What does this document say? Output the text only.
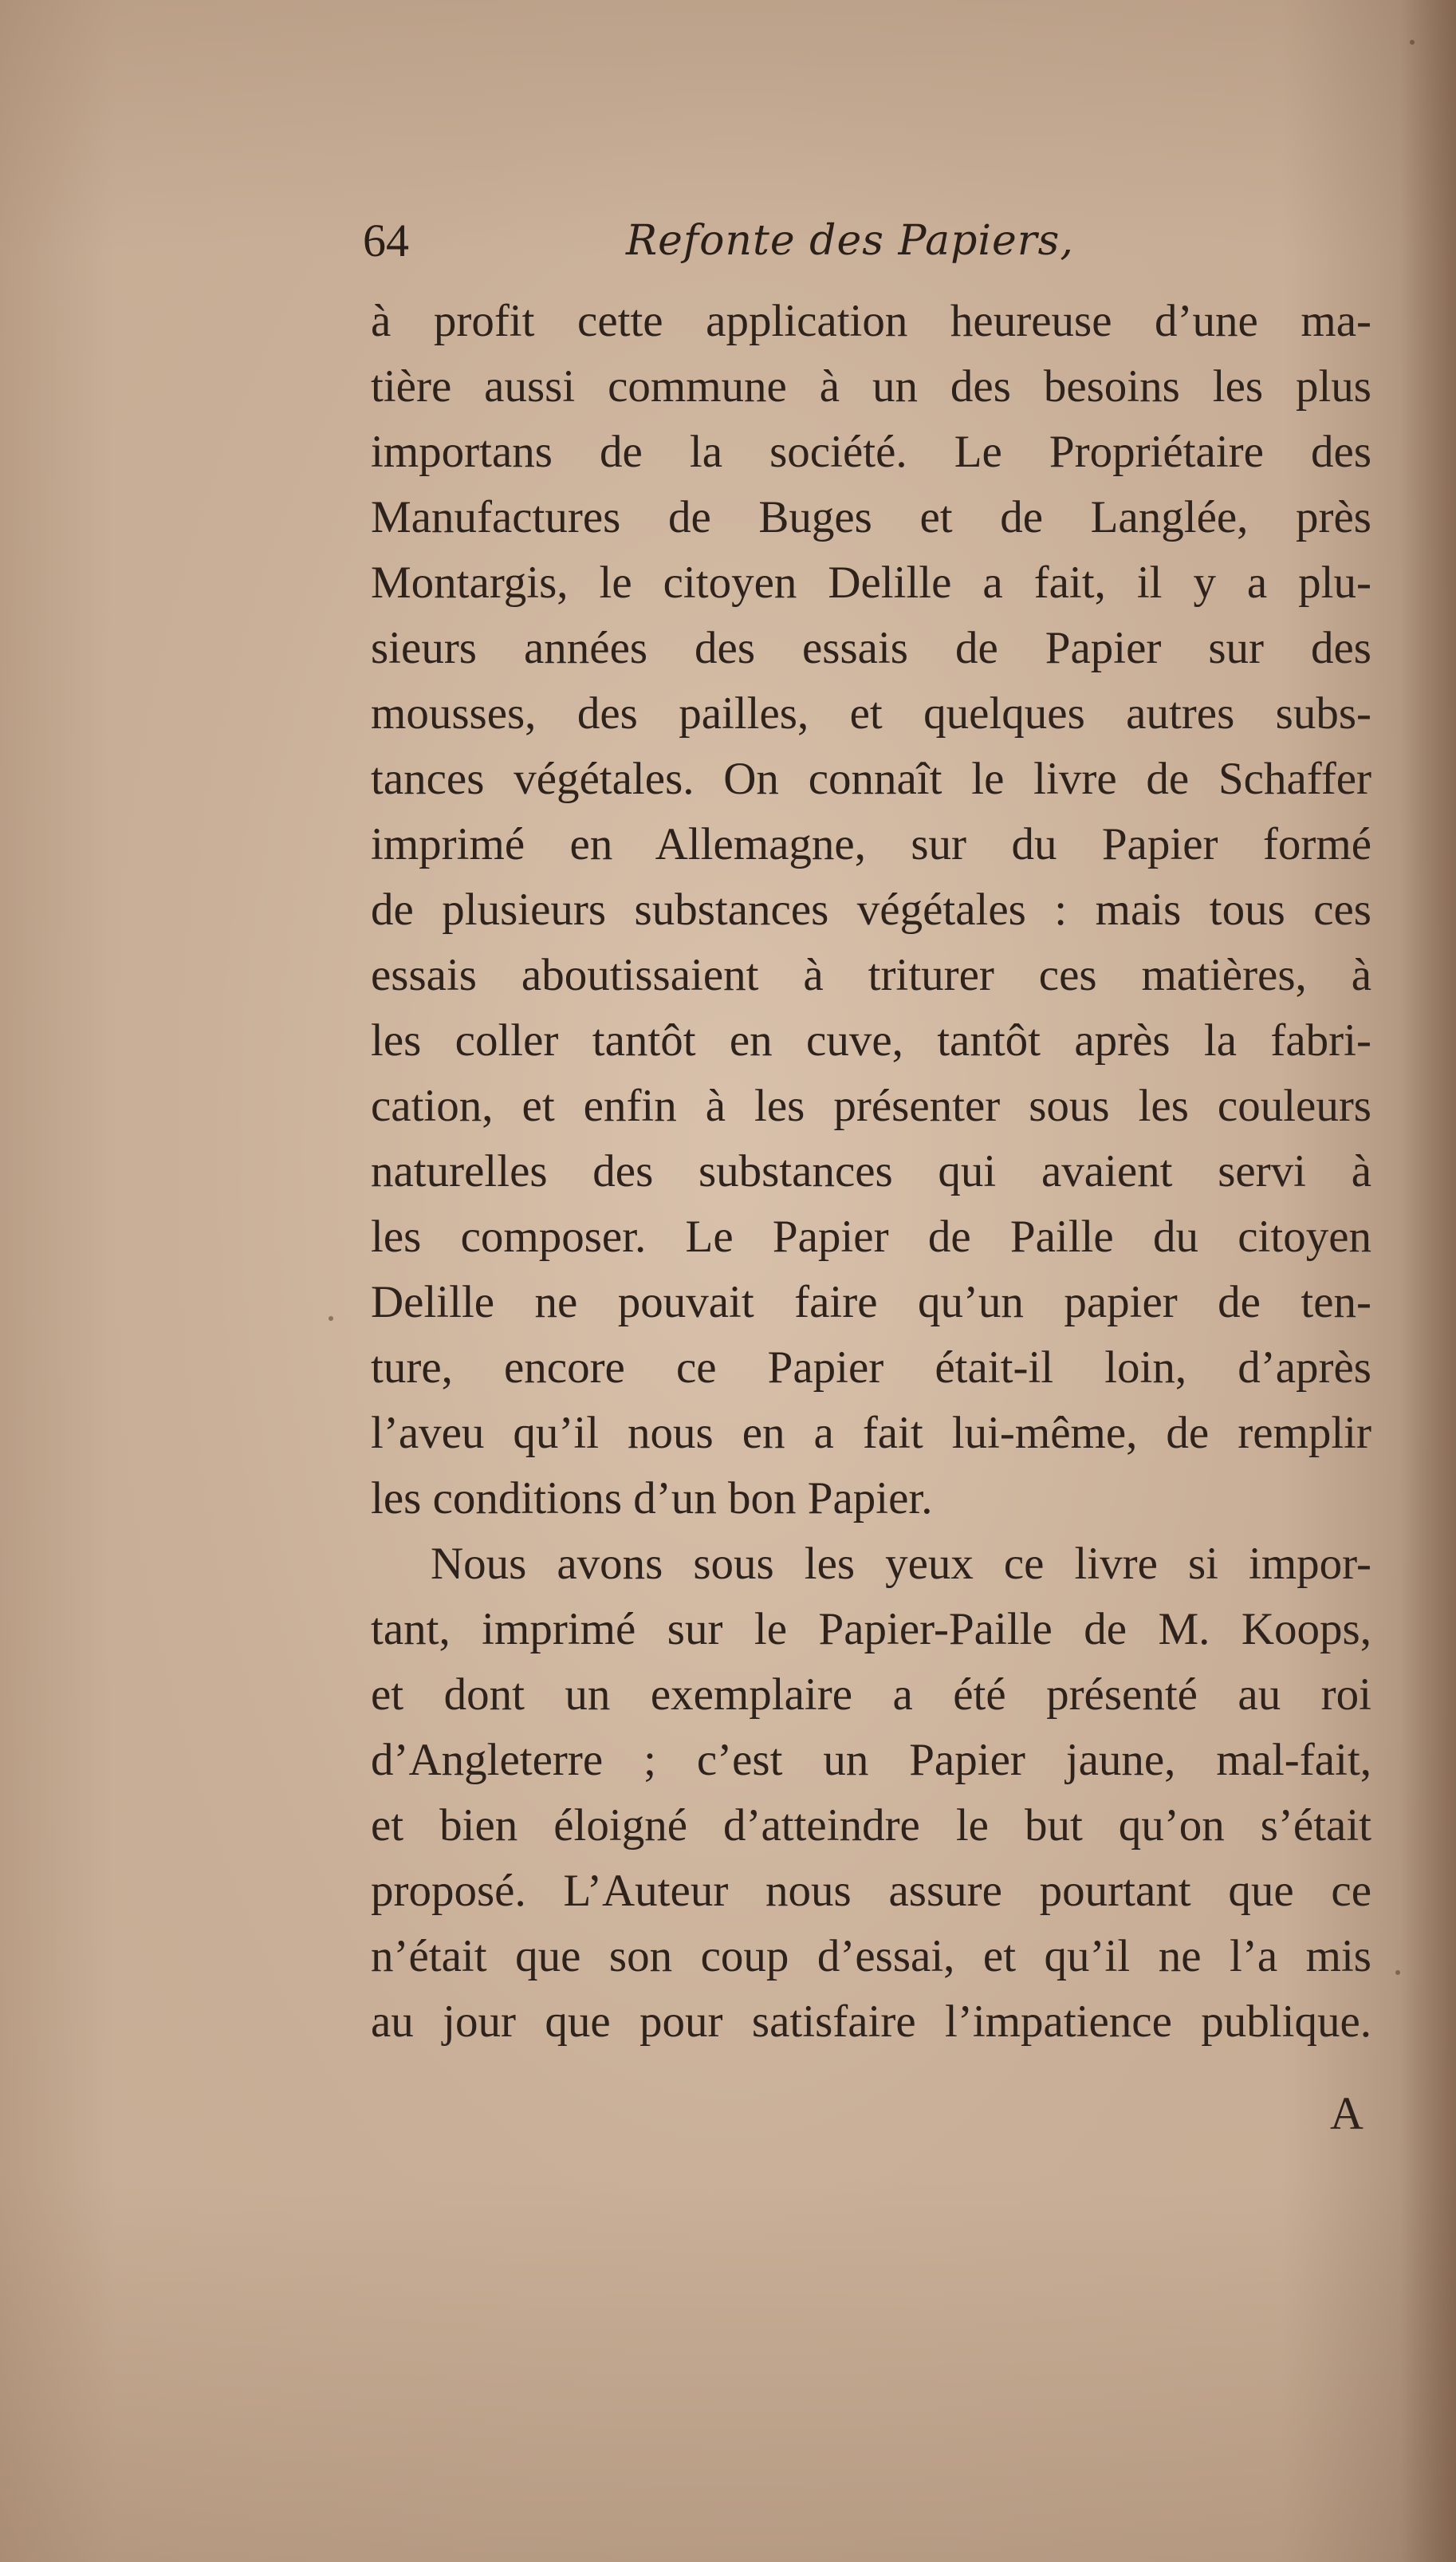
64	Refonte des Papiers,
à profit cette application heureuse d’une ma-
tière aussi commune à un des besoins les plus
importans de la société. Le Propriétaire des
Manufactures de Buges et de Langlée, près
Montargis, le citoyen Delille a fait, il y a plu-
sieurs années des essais de Papier sur des
mousses, des pailles, et quelques autres subs-
tances végétales. On connaît le livre de Schaffer
imprimé en Allemagne, sur du Papier formé
de plusieurs substances végétales : mais tous ces
essais aboutissaient à triturer ces matières, à
les coller tantôt en cuve, tantôt après la fabri-
cation, et enfin à les présenter sous les couleurs
naturelles des substances qui avaient servi à
les composer. Le Papier de Paille du citoyen
Delille ne pouvait faire qu’un papier de ten-
ture, encore ce Papier était-il loin, d’après
l’aveu qu’il nous en a fait lui-même, de remplir
les conditions d’un bon Papier.
Nous avons sous les yeux ce livre si impor-
tant, imprimé sur le Papier-Paille de M. Koops,
et dont un exemplaire a été présenté au roi
d’Angleterre ; c’est un Papier jaune, mal-fait,
et bien éloigné d’atteindre le but qu’on s’était
proposé. L’Auteur nous assure pourtant que ce
n’était que son coup d’essai, et qu’il ne l’a mis
au jour que pour satisfaire l’impatience publique.
A
